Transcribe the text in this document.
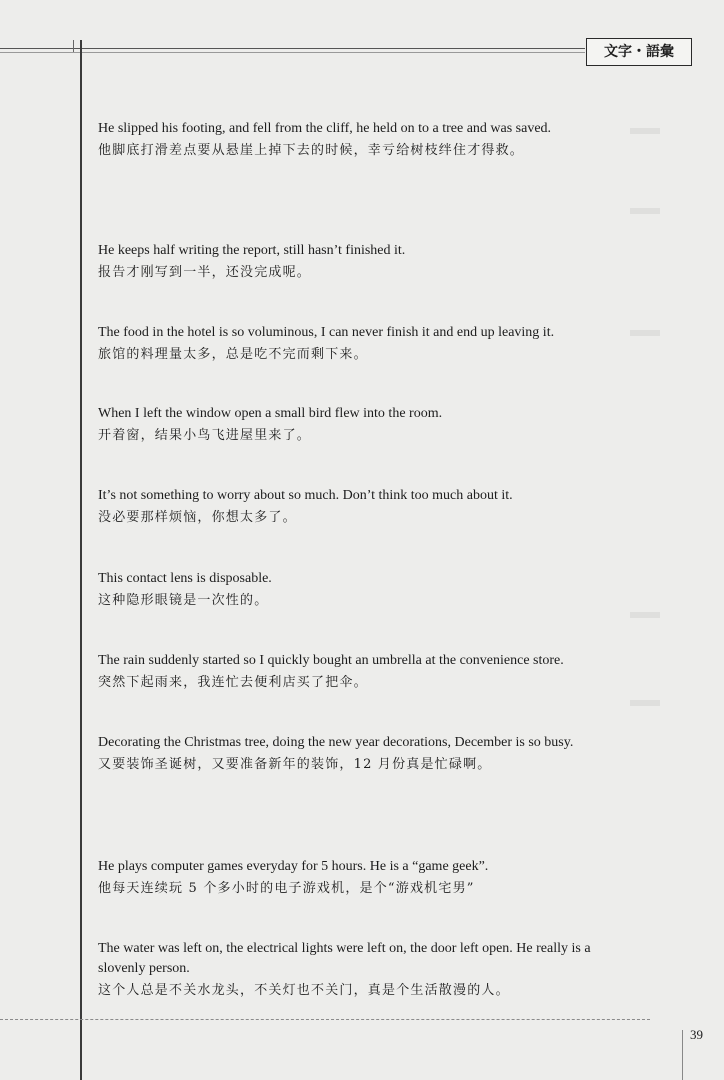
文字・語彙

He slipped his footing, and fell from the cliff, he held on to a tree and was saved.

他脚底打滑差点要从悬崖上掉下去的时候，幸亏给树枝绊住才得救。

He keeps half writing the report, still hasn’t finished it.

报告才刚写到一半，还没完成呢。

The food in the hotel is so voluminous, I can never finish it and end up leaving it.

旅馆的料理量太多，总是吃不完而剩下来。

When I left the window open a small bird flew into the room.

开着窗，结果小鸟飞进屋里来了。

It’s not something to worry about so much. Don’t think too much about it.

没必要那样烦恼，你想太多了。

This contact lens is disposable.

这种隐形眼镜是一次性的。

The rain suddenly started so I quickly bought an umbrella at the convenience store.

突然下起雨来，我连忙去便利店买了把伞。

Decorating the Christmas tree, doing the new year decorations, December is so busy.

又要装饰圣诞树，又要准备新年的装饰，12 月份真是忙碌啊。

He plays computer games everyday for 5 hours. He is a “game geek”.

他每天连续玩 5 个多小时的电子游戏机，是个“游戏机宅男”

The water was left on, the electrical lights were left on, the door left open. He really is a slovenly person.

这个人总是不关水龙头，不关灯也不关门，真是个生活散漫的人。

39
